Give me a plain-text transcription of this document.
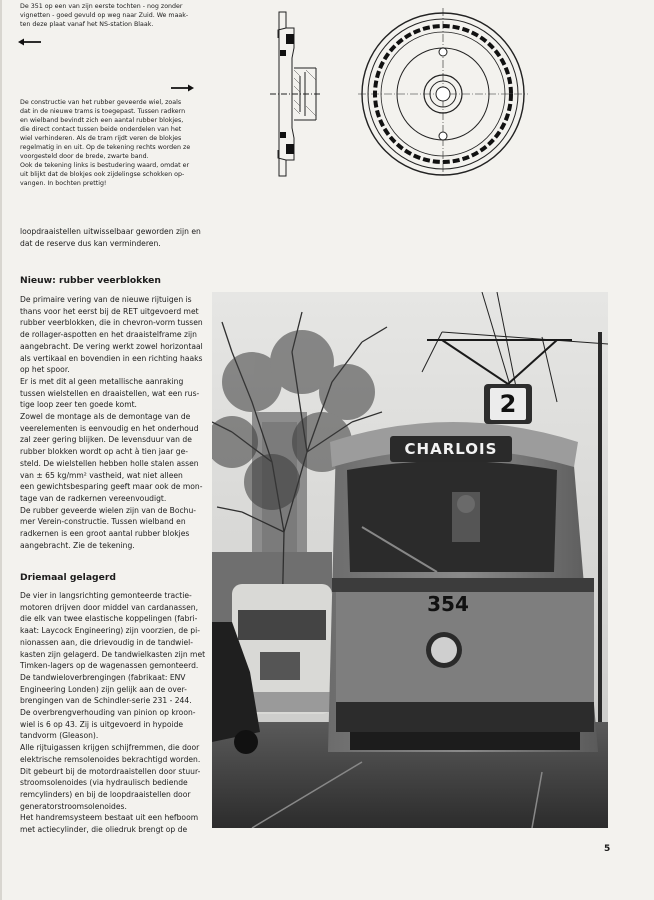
De 351 op een van zijn eerste tochten - nog zonder
vignetten - goed gevuld op weg naar Zuid. We maak-
ten deze plaat vanaf het NS-station Blaak.
De constructie van het rubber geveerde wiel, zoals
dat in de nieuwe trams is toegepast. Tussen radkern
en wielband bevindt zich een aantal rubber blokjes,
die direct contact tussen beide onderdelen van het
wiel verhinderen. Als de tram rijdt veren de blokjes
regelmatig in en uit. Op de tekening rechts worden ze
voorgesteld door de brede, zwarte band.
Ook de tekening links is bestudering waard, omdat er
uit blijkt dat de blokjes ook zijdelingse schokken op-
vangen. In bochten prettig!
loopdraaistellen uitwisselbaar geworden zijn en
dat de reserve dus kan verminderen.
Nieuw: rubber veerblokken
De primaire vering van de nieuwe rijtuigen is
thans voor het eerst bij de RET uitgevoerd met
rubber veerblokken, die in chevron-vorm tussen
de rollager-aspotten en het draaistelframe zijn
aangebracht. De vering werkt zowel horizontaal
als vertikaal en bovendien in een richting haaks
op het spoor.
Er is met dit al geen metallische aanraking
tussen wielstellen en draaistellen, wat een rus-
tige loop zeer ten goede komt.
Zowel de montage als de demontage van de
veerelementen is eenvoudig en het onderhoud
zal zeer gering blijken. De levensduur van de
rubber blokken wordt op acht à tien jaar ge-
steld. De wielstellen hebben holle stalen assen
van ± 65 kg/mm² vastheid, wat niet alleen
een gewichtsbesparing geeft maar ook de mon-
tage van de radkernen vereenvoudigt.
De rubber geveerde wielen zijn van de Bochu-
mer Verein-constructie. Tussen wielband en
radkernen is een groot aantal rubber blokjes
aangebracht. Zie de tekening.
Driemaal gelagerd
De vier in langsrichting gemonteerde tractie-
motoren drijven door middel van cardanassen,
die elk van twee elastische koppelingen (fabri-
kaat: Laycock Engineering) zijn voorzien, de pi-
nionassen aan, die drievoudig in de tandwiel-
kasten zijn gelagerd. De tandwielkasten zijn met
Timken-lagers op de wagenassen gemonteerd.
De tandwieloverbrengingen (fabrikaat: ENV
Engineering Londen) zijn gelijk aan de over-
brengingen van de Schindler-serie 231 - 244.
De overbrengverhouding van pinion op kroon-
wiel is 6 op 43. Zij is uitgevoerd in hypoide
tandvorm (Gleason).
Alle rijtuigassen krijgen schijfremmen, die door
elektrische remsolenoides bekrachtigd worden.
Dit gebeurt bij de motordraaistellen door stuur-
stroomsolenoides (via hydraulisch bediende
remcylinders) en bij de loopdraaistellen door
generatorstroomsolenoides.
Het handremsysteem bestaat uit een hefboom
met actiecylinder, die oliedruk brengt op de
2
CHARLOIS
354
5
